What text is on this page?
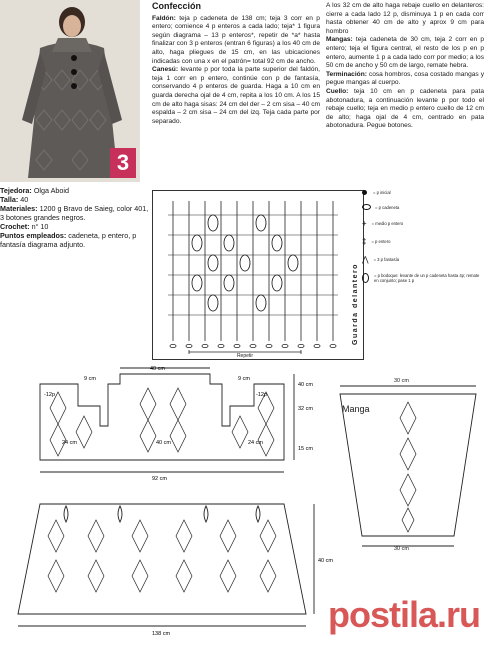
3
Tejedora: Olga Aboid
Talla: 40
Materiales: 1200 g Bravo de Saieg, color 401, 3 botones grandes negros.
Crochet: n° 10
Puntos empleados: cadeneta, p entero, p fantasía diagrama adjunto.
Confección
Faldón: teja p cadeneta de 138 cm; teja 3 corr en p entero; comience 4 p enteros a cada lado; teja* 1 figura según diagrama – 13 p enteros*, repetir de *a* hasta finalizar con 3 p enteros (entran 6 figuras) a los 40 cm de alto, haga pliegues de 15 cm, en las ubicaciones indicadas con una x en el patrón= total 92 cm de ancho.
Canesú: levante p por toda la parte superior del faldón, teja 1 corr en p entero, continúe con p de fantasía, conservando 4 p enteros de guarda. Haga a 10 cm en guarda derecha ojal de 4 cm, repita a los 10 cm. A los 15 cm de alto haga sisas: 24 cm del der – 2 cm sisa – 40 cm espalda – 2 cm sisa – 24 cm del izq. Teja cada parte por separado.
A los 32 cm de alto haga rebaje cuello en delanteros: cierre a cada lado 12 p, disminuya 1 p en cada corr hasta obtener 40 cm de alto y aprox 9 cm para hombro
Mangas: teja cadeneta de 30 cm, teja 2 corr en p entero; teja el figura central, el resto de los p en p entero, aumente 1 p a cada lado corr por medio; a los 50 cm de ancho y 50 cm de largo, remate hebra.
Terminación: cosa hombros, cosa costado mangas y pegue mangas al cuerpo.
Cuello: teja 10 cm en p cadeneta para pata abotonadura, a continuación levante p por todo el rebaje cuello; teja en medio p entero cuello de 12 cm de alto; haga ojal de 4 cm, centrado en pata abotonadura. Pegue botones.
Repetir
Guarda delantero
= p inicial
= p cadeneta
+ = medio p entero
‡ = p entero
⋀ = 3 p fantasía
= p bodoque: levante de un p cadeneta hasta 4p; remate en conjunto; pase 1 p
9 cm
40 cm
9 cm
40 cm
32 cm
15 cm
-12p	-12p
24 cm	40 cm	24 cm
92 cm
40 cm
138 cm
Manga
30 cm
30 cm
postila.ru
